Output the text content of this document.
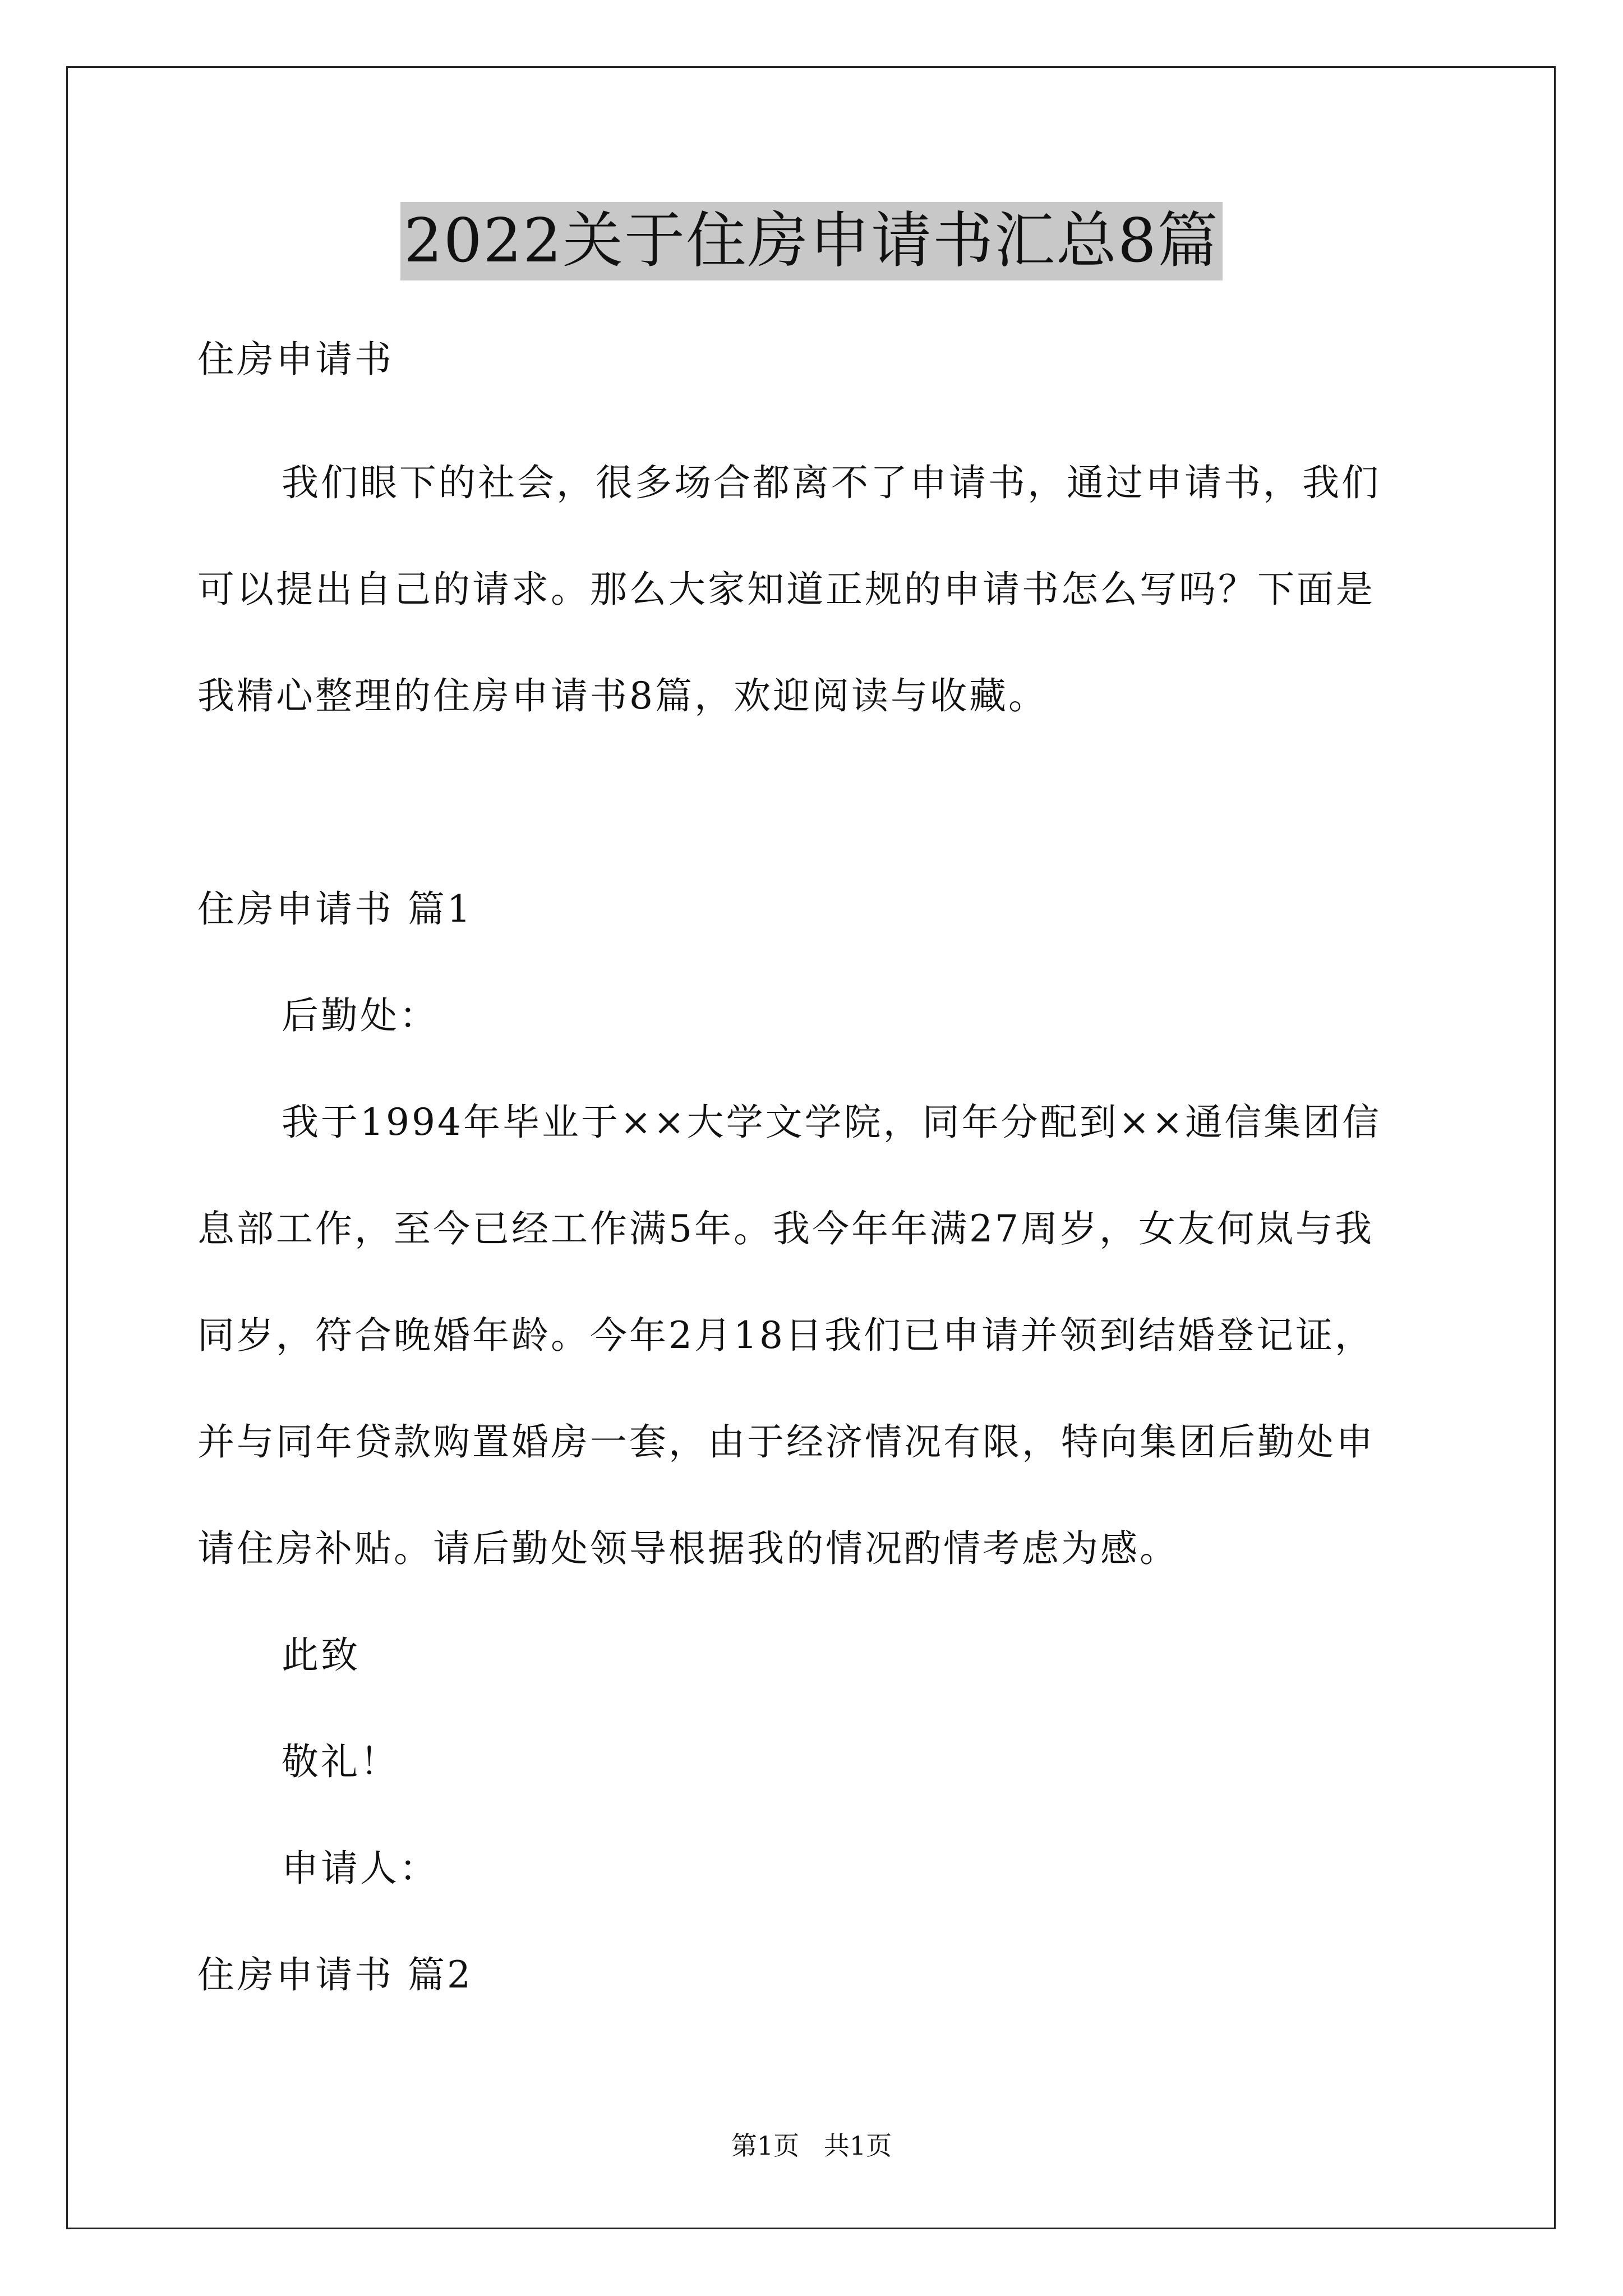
2022关于住房申请书汇总8篇
住房申请书
我们眼下的社会，很多场合都离不了申请书，通过申请书，我们
可以提出自己的请求。那么大家知道正规的申请书怎么写吗？下面是
我精心整理的住房申请书8篇，欢迎阅读与收藏。
住房申请书 篇1
后勤处：
我于1994年毕业于××大学文学院，同年分配到××通信集团信
息部工作，至今已经工作满5年。我今年年满27周岁，女友何岚与我
同岁，符合晚婚年龄。今年2月18日我们已申请并领到结婚登记证，
并与同年贷款购置婚房一套，由于经济情况有限，特向集团后勤处申
请住房补贴。请后勤处领导根据我的情况酌情考虑为感。
此致
敬礼！
申请人：
住房申请书 篇2
第1页   共1页
